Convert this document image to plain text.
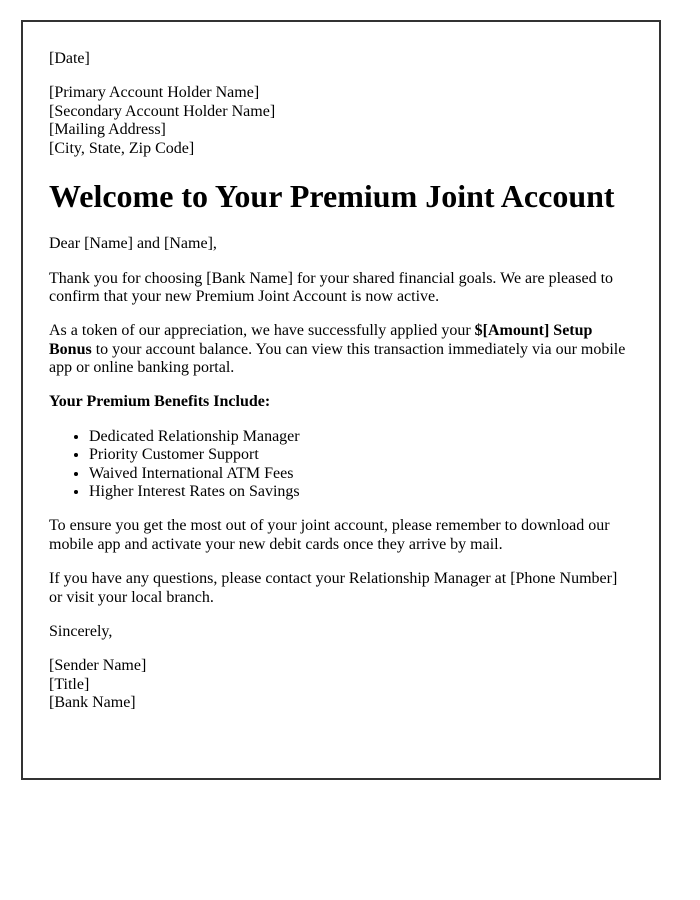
[Date]

[Primary Account Holder Name]
[Secondary Account Holder Name]
[Mailing Address]
[City, State, Zip Code]

Welcome to Your Premium Joint Account

Dear [Name] and [Name],

Thank you for choosing [Bank Name] for your shared financial goals. We are pleased to confirm that your new Premium Joint Account is now active.

As a token of our appreciation, we have successfully applied your $[Amount] Setup Bonus to your account balance. You can view this transaction immediately via our mobile app or online banking portal.

Your Premium Benefits Include:

• Dedicated Relationship Manager
• Priority Customer Support
• Waived International ATM Fees
• Higher Interest Rates on Savings

To ensure you get the most out of your joint account, please remember to download our mobile app and activate your new debit cards once they arrive by mail.

If you have any questions, please contact your Relationship Manager at [Phone Number] or visit your local branch.

Sincerely,

[Sender Name]
[Title]
[Bank Name]
